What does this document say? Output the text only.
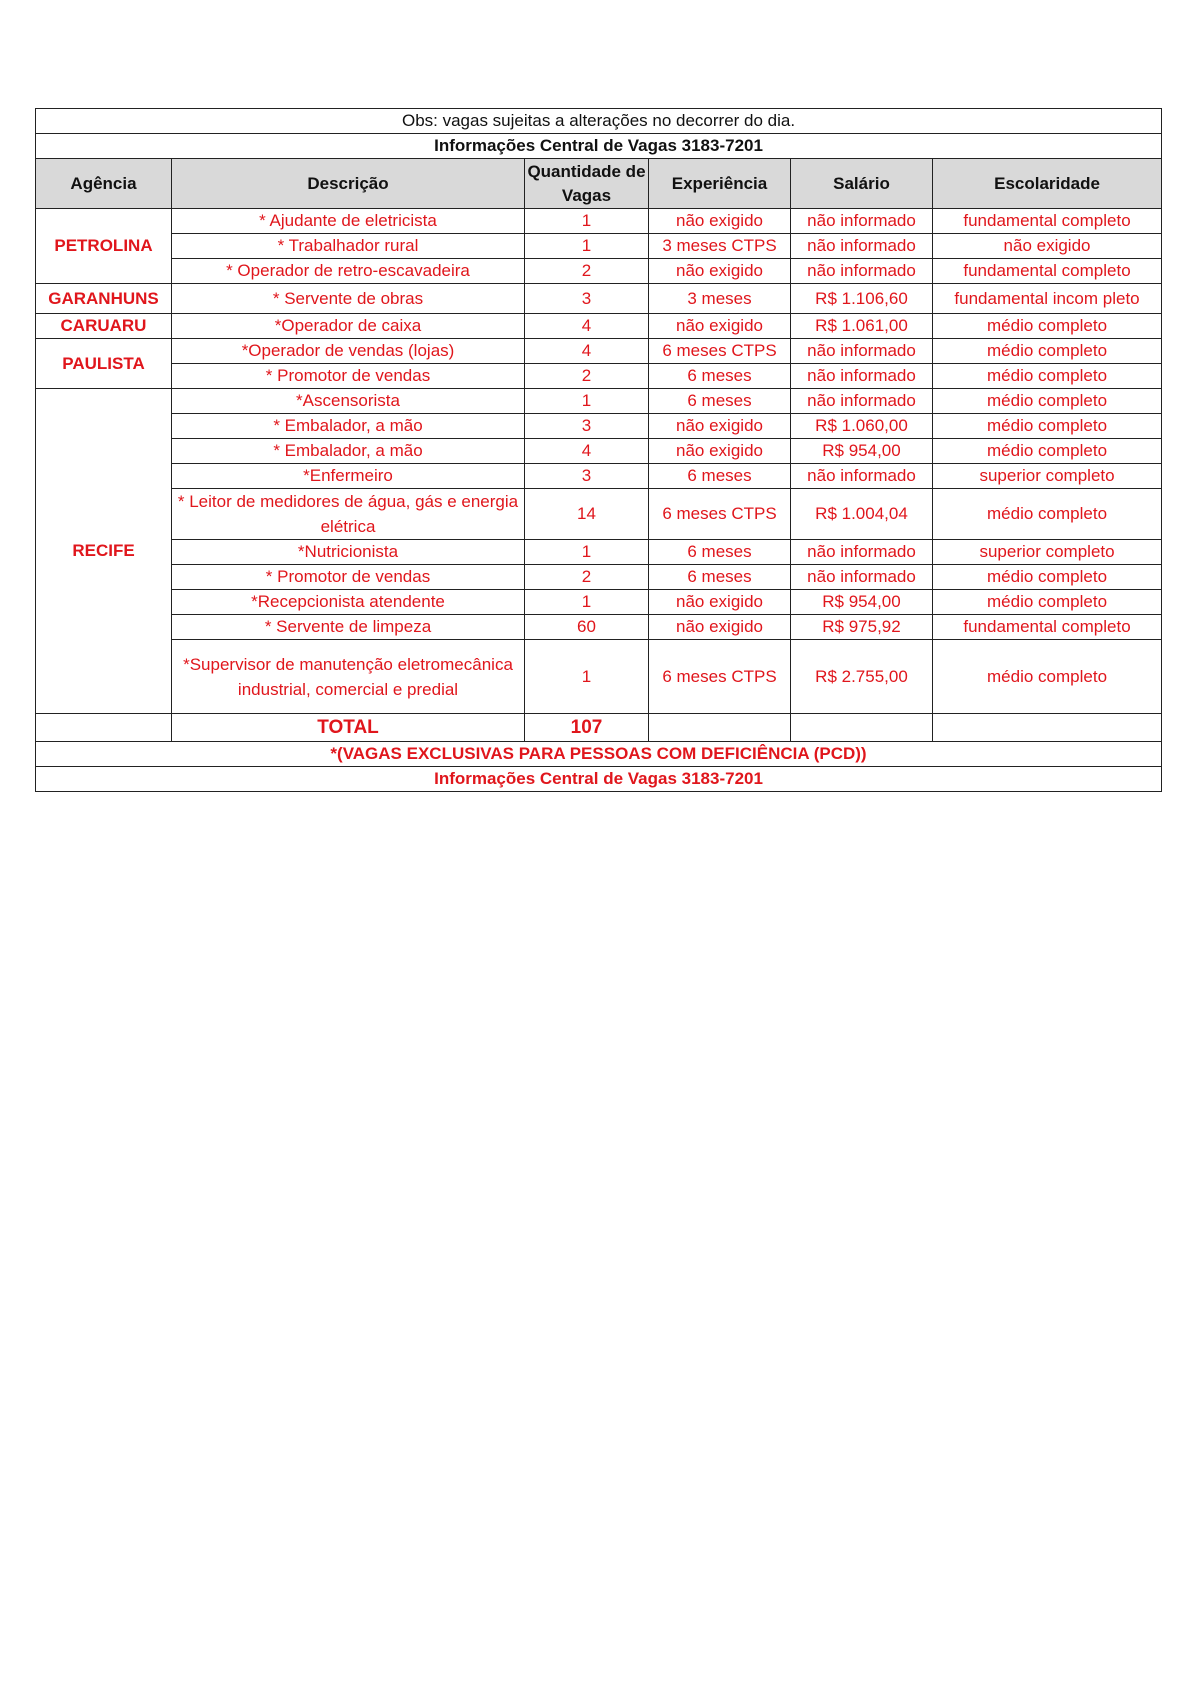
Obs: vagas sujeitas a alterações no decorrer do dia.					
Informações Central de Vagas 3183-7201					
Agência	Descrição	Quantidade de Vagas	Experiência	Salário	Escolaridade
PETROLINA	* Ajudante de eletricista	1	não exigido	não informado	fundamental completo
	* Trabalhador rural	1	3 meses CTPS	não informado	não exigido
	* Operador de retro-escavadeira	2	não exigido	não informado	fundamental completo
GARANHUNS	* Servente de obras	3	3 meses	R$ 1.106,60	fundamental incom pleto
CARUARU	*Operador de caixa	4	não exigido	R$ 1.061,00	médio completo
PAULISTA	*Operador de vendas (lojas)	4	6 meses CTPS	não informado	médio completo
	* Promotor de vendas	2	6 meses	não informado	médio completo
RECIFE	*Ascensorista	1	6 meses	não informado	médio completo
	* Embalador, a mão	3	não exigido	R$ 1.060,00	médio completo
	* Embalador, a mão	4	não exigido	R$ 954,00	médio completo
	*Enfermeiro	3	6 meses	não informado	superior completo
	* Leitor de medidores de água, gás e energia elétrica	14	6 meses CTPS	R$ 1.004,04	médio completo
	*Nutricionista	1	6 meses	não informado	superior completo
	* Promotor de vendas	2	6 meses	não informado	médio completo
	*Recepcionista atendente	1	não exigido	R$ 954,00	médio completo
	* Servente de limpeza	60	não exigido	R$ 975,92	fundamental completo
	*Supervisor de manutenção eletromecânica industrial, comercial e predial	1	6 meses CTPS	R$ 2.755,00	médio completo
	TOTAL	107			
*(VAGAS EXCLUSIVAS PARA PESSOAS COM DEFICIÊNCIA (PCD))					
Informações Central de Vagas 3183-7201					
